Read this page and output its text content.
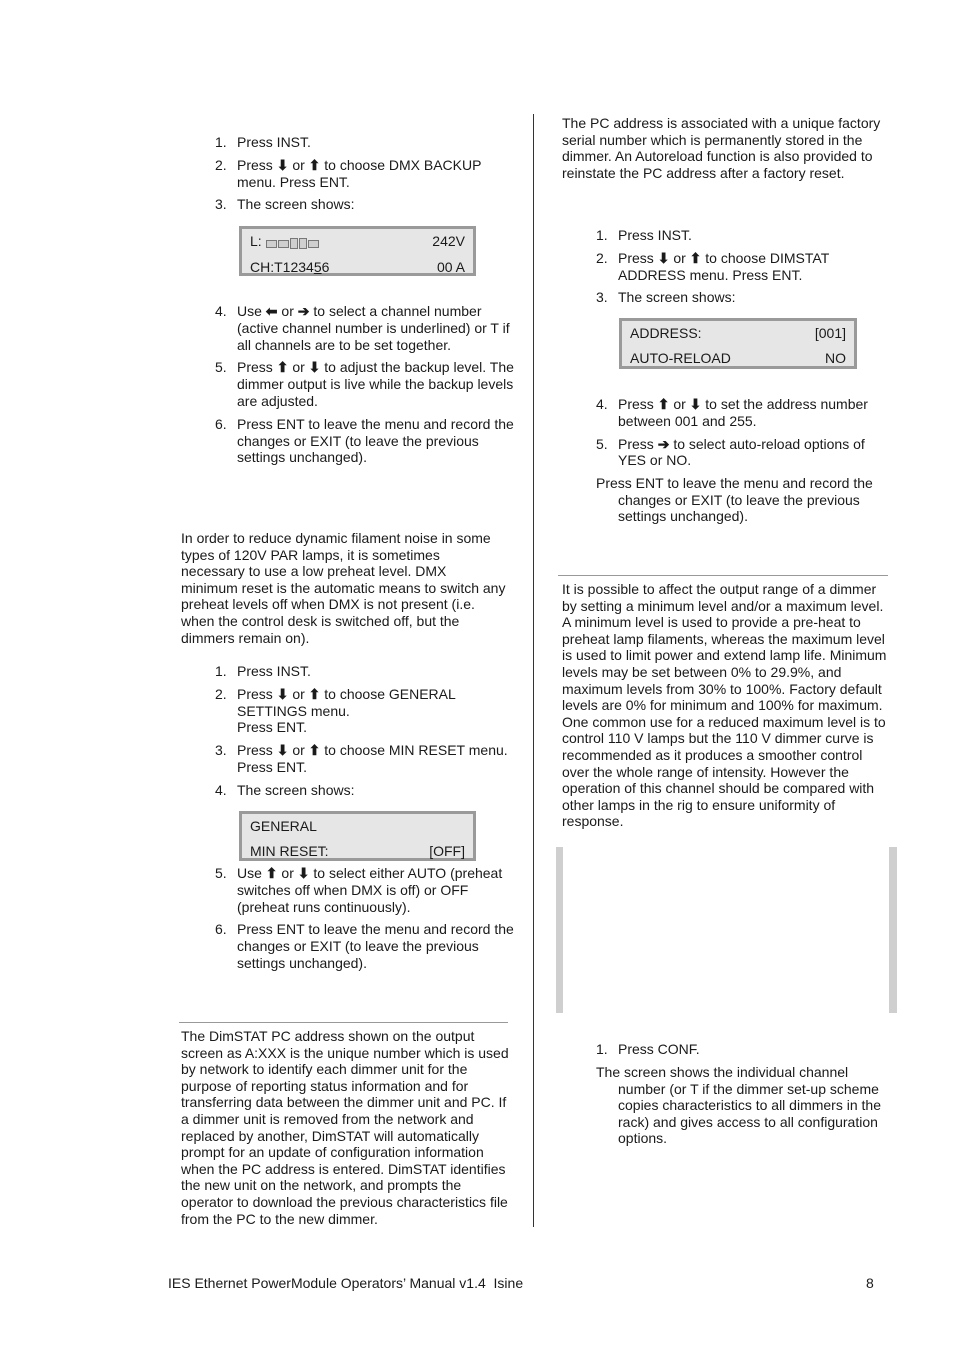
1. Press INST.
2. Press ⬇ or ⬆ to choose DMX BACKUP menu. Press ENT.
3. The screen shows:
L:	242V
CH:T123456	00 A
4. Use ⬅ or ➔ to select a channel number (active channel number is underlined) or T if all channels are to be set together.
5. Press ⬆ or ⬇ to adjust the backup level. The dimmer output is live while the backup levels are adjusted.
6. Press ENT to leave the menu and record the changes or EXIT (to leave the previous settings unchanged).
In order to reduce dynamic filament noise in some types of 120V PAR lamps, it is sometimes necessary to use a low preheat level. DMX minimum reset is the automatic means to switch any preheat levels off when DMX is not present (i.e. when the control desk is switched off, but the dimmers remain on).
1. Press INST.
2. Press ⬇ or ⬆ to choose GENERAL SETTINGS menu.
Press ENT.
3. Press ⬇ or ⬆ to choose MIN RESET menu. Press ENT.
4. The screen shows:
GENERAL
MIN RESET:	[OFF]
5. Use ⬆ or ⬇ to select either AUTO (preheat switches off when DMX is off) or OFF (preheat runs continuously).
6. Press ENT to leave the menu and record the changes or EXIT (to leave the previous settings unchanged).
The DimSTAT PC address shown on the output screen as A:XXX is the unique number which is used by network to identify each dimmer unit for the purpose of reporting status information and for transferring data between the dimmer unit and PC. If a dimmer unit is removed from the network and replaced by another, DimSTAT will automatically prompt for an update of configuration information when the PC address is entered. DimSTAT identifies the new unit on the network, and prompts the operator to download the previous characteristics file from the PC to the new dimmer.
The PC address is associated with a unique factory serial number which is permanently stored in the dimmer. An Autoreload function is also provided to reinstate the PC address after a factory reset.
1. Press INST.
2. Press ⬇ or ⬆ to choose DIMSTAT ADDRESS menu. Press ENT.
3. The screen shows:
ADDRESS:	[001]
AUTO-RELOAD	NO
4. Press ⬆ or ⬇ to set the address number between 001 and 255.
5. Press ➔ to select auto-reload options of YES or NO.
Press ENT to leave the menu and record the changes or EXIT (to leave the previous settings unchanged).
It is possible to affect the output range of a dimmer by setting a minimum level and/or a maximum level. A minimum level is used to provide a pre-heat to preheat lamp filaments, whereas the maximum level is used to limit power and extend lamp life. Minimum levels may be set between 0% to 29.9%, and maximum levels from 30% to 100%. Factory default levels are 0% for minimum and 100% for maximum. One common use for a reduced maximum level is to control 110 V lamps but the 110 V dimmer curve is recommended as it produces a smoother control over the whole range of intensity. However the operation of this channel should be compared with other lamps in the rig to ensure uniformity of response.
1. Press CONF.
The screen shows the individual channel number (or T if the dimmer set-up scheme copies characteristics to all dimmers in the rack) and gives access to all configuration options.
IES Ethernet PowerModule Operators’ Manual v1.4  Isine	8
